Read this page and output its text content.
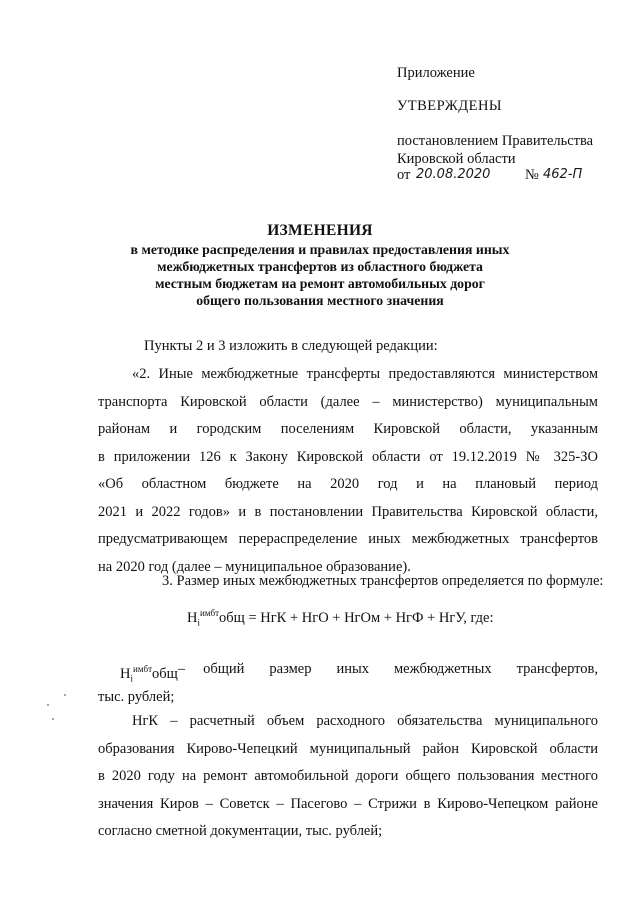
Приложение
УТВЕРЖДЕНЫ
постановлением Правительства
Кировской области
от 20.08.2020 № 462-П
ИЗМЕНЕНИЯ
в методике распределения и правилах предоставления иных
межбюджетных трансфертов из областного бюджета
местным бюджетам на ремонт автомобильных дорог
общего пользования местного значения
Пункты 2 и 3 изложить в следующей редакции:
«2. Иные межбюджетные трансферты предоставляются министерством
транспорта Кировской области (далее – министерство) муниципальным
районам и городским поселениям Кировской области, указанным
в приложении 126 к Закону Кировской области от 19.12.2019 № 325-ЗО
«Об областном бюджете на 2020 год и на плановый период
2021 и 2022 годов» и в постановлении Правительства Кировской области,
предусматривающем перераспределение иных межбюджетных трансфертов
на 2020 год (далее – муниципальное образование).
3. Размер иных межбюджетных трансфертов определяется по формуле:
$Н_i^{имбт}общ$ = НгК + НгО + НгОм + НгФ + НгУ, где:
$Н_i^{имбт}общ$ – общий размер иных межбюджетных трансфертов,
тыс. рублей;
НгК – расчетный объем расходного обязательства муниципального
образования Кирово-Чепецкий муниципальный район Кировской области
в 2020 году на ремонт автомобильной дороги общего пользования местного
значения Киров – Советск – Пасегово – Стрижи в Кирово-Чепецком районе
согласно сметной документации, тыс. рублей;
